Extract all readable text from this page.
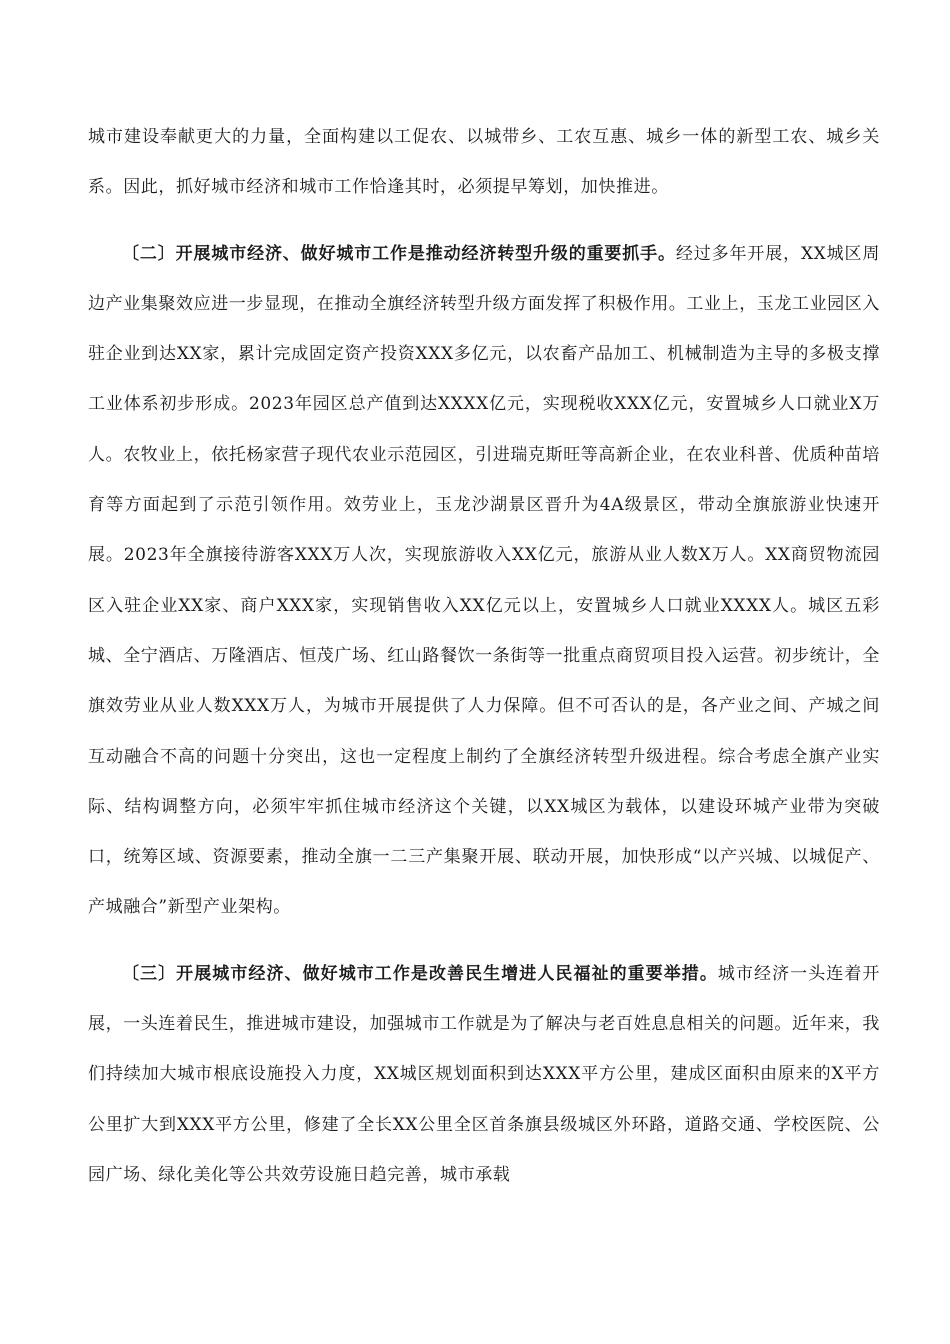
城市建设奉献更大的力量，全面构建以工促农、以城带乡、工农互惠、城乡一体的新型工农、城乡关系。因此，抓好城市经济和城市工作恰逢其时，必须提早筹划，加快推进。

〔二〕开展城市经济、做好城市工作是推动经济转型升级的重要抓手。经过多年开展，XX城区周边产业集聚效应进一步显现，在推动全旗经济转型升级方面发挥了积极作用。工业上，玉龙工业园区入驻企业到达XX家，累计完成固定资产投资XXX多亿元，以农畜产品加工、机械制造为主导的多极支撑工业体系初步形成。2023年园区总产值到达XXXX亿元，实现税收XXX亿元，安置城乡人口就业X万人。农牧业上，依托杨家营子现代农业示范园区，引进瑞克斯旺等高新企业，在农业科普、优质种苗培育等方面起到了示范引领作用。效劳业上，玉龙沙湖景区晋升为4A级景区，带动全旗旅游业快速开展。2023年全旗接待游客XXX万人次，实现旅游收入XX亿元，旅游从业人数X万人。XX商贸物流园区入驻企业XX家、商户XXX家，实现销售收入XX亿元以上，安置城乡人口就业XXXX人。城区五彩城、全宁酒店、万隆酒店、恒茂广场、红山路餐饮一条街等一批重点商贸项目投入运营。初步统计，全旗效劳业从业人数XXX万人，为城市开展提供了人力保障。但不可否认的是，各产业之间、产城之间互动融合不高的问题十分突出，这也一定程度上制约了全旗经济转型升级进程。综合考虑全旗产业实际、结构调整方向，必须牢牢抓住城市经济这个关键，以XX城区为载体，以建设环城产业带为突破口，统筹区域、资源要素，推动全旗一二三产集聚开展、联动开展，加快形成“以产兴城、以城促产、产城融合”新型产业架构。

〔三〕开展城市经济、做好城市工作是改善民生增进人民福祉的重要举措。城市经济一头连着开展，一头连着民生，推进城市建设，加强城市工作就是为了解决与老百姓息息相关的问题。近年来，我们持续加大城市根底设施投入力度，XX城区规划面积到达XXX平方公里，建成区面积由原来的X平方公里扩大到XXX平方公里，修建了全长XX公里全区首条旗县级城区外环路，道路交通、学校医院、公园广场、绿化美化等公共效劳设施日趋完善，城市承载
